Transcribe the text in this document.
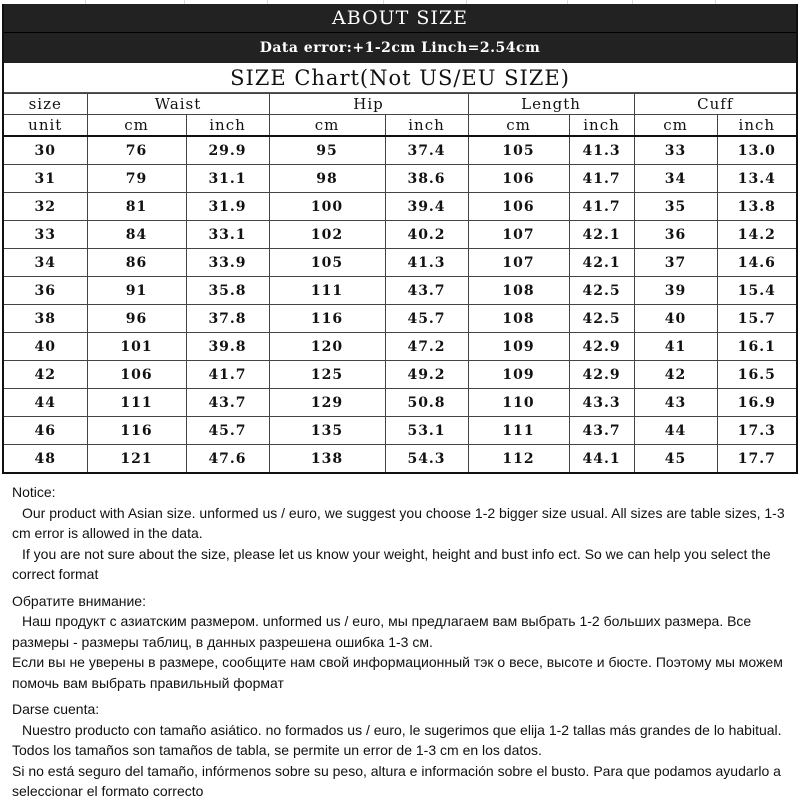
ABOUT SIZE
Data error:+1-2cm Linch=2.54cm
SIZE Chart(Not US/EU SIZE)
size	Waist		Hip		Length		Cuff	
unit	cm	inch	cm	inch	cm	inch	cm	inch
30	76	29.9	95	37.4	105	41.3	33	13.0
31	79	31.1	98	38.6	106	41.7	34	13.4
32	81	31.9	100	39.4	106	41.7	35	13.8
33	84	33.1	102	40.2	107	42.1	36	14.2
34	86	33.9	105	41.3	107	42.1	37	14.6
36	91	35.8	111	43.7	108	42.5	39	15.4
38	96	37.8	116	45.7	108	42.5	40	15.7
40	101	39.8	120	47.2	109	42.9	41	16.1
42	106	41.7	125	49.2	109	42.9	42	16.5
44	111	43.7	129	50.8	110	43.3	43	16.9
46	116	45.7	135	53.1	111	43.7	44	17.3
48	121	47.6	138	54.3	112	44.1	45	17.7

Notice:

Our product with Asian size. unformed us / euro, we suggest you choose 1-2 bigger size usual. All sizes are table sizes, 1-3 cm error is allowed in the data.

If you are not sure about the size, please let us know your weight, height and bust info ect. So we can help you select the correct format

Обратите внимание:

Наш продукт с азиатским размером. unformed us / euro, мы предлагаем вам выбрать 1-2 больших размера. Все размеры - размеры таблиц, в данных разрешена ошибка 1-3 см.

Если вы не уверены в размере, сообщите нам свой информационный тэк о весе, высоте и бюсте. Поэтому мы можем помочь вам выбрать правильный формат

Darse cuenta:

Nuestro producto con tamaño asiático. no formados us / euro, le sugerimos que elija 1-2 tallas más grandes de lo habitual. Todos los tamaños son tamaños de tabla, se permite un error de 1-3 cm en los datos.

Si no está seguro del tamaño, infórmenos sobre su peso, altura e información sobre el busto. Para que podamos ayudarlo a seleccionar el formato correcto
